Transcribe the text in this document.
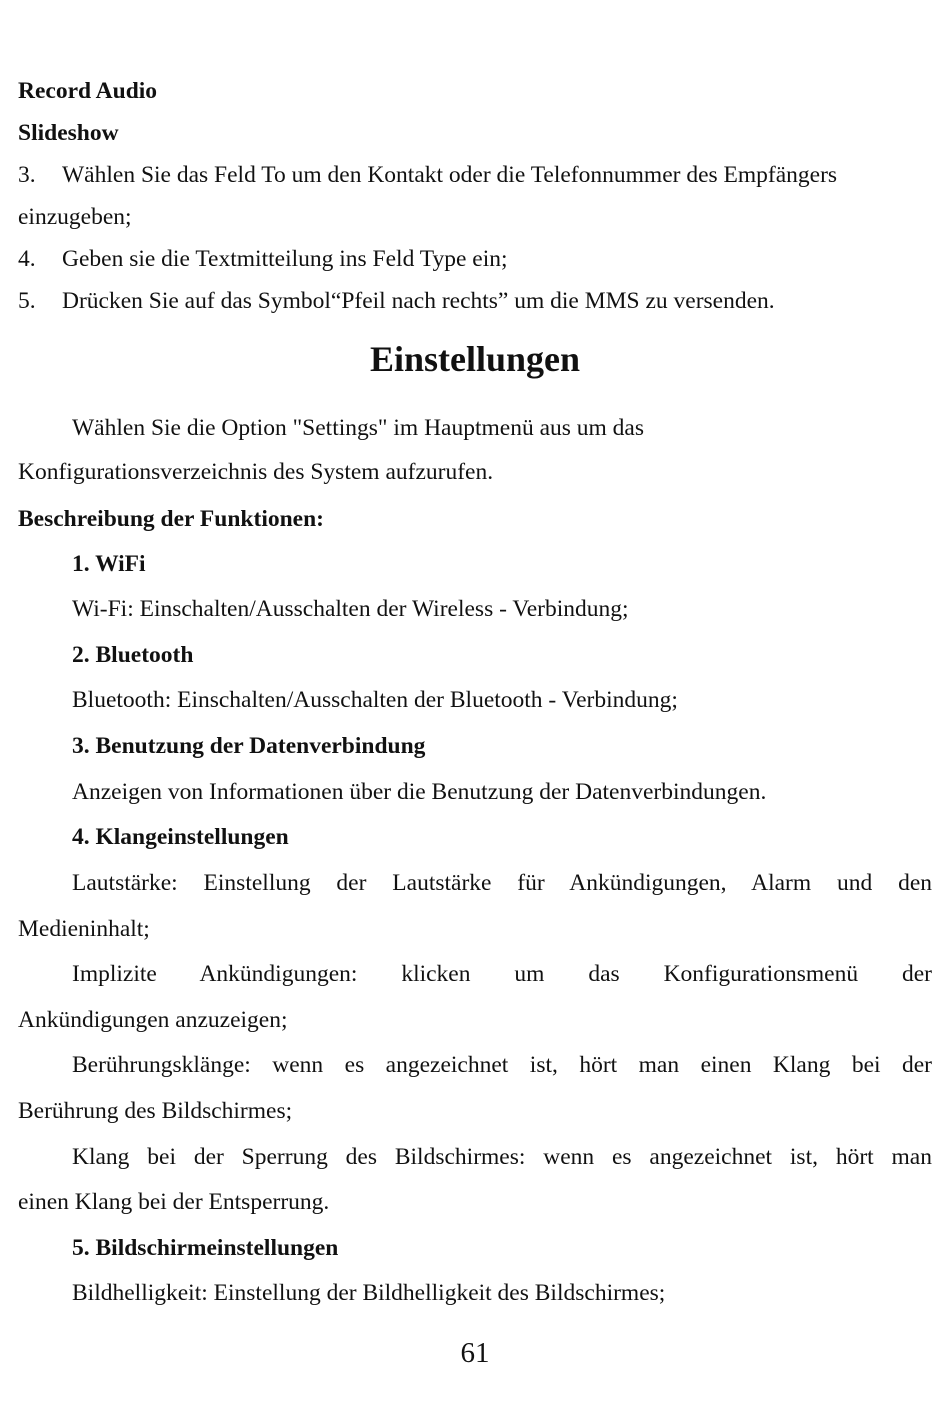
Record Audio
Slideshow
3. Wählen Sie das Feld To um den Kontakt oder die Telefonnummer des Empfängers
einzugeben;
4. Geben sie die Textmitteilung ins Feld Type ein;
5. Drücken Sie auf das Symbol“Pfeil nach rechts” um die MMS zu versenden.
Einstellungen
Wählen Sie die Option "Settings" im Hauptmenü aus um das
Konfigurationsverzeichnis des System aufzurufen.
Beschreibung der Funktionen:
1. WiFi
Wi-Fi: Einschalten/Ausschalten der Wireless - Verbindung;
2. Bluetooth
Bluetooth: Einschalten/Ausschalten der Bluetooth - Verbindung;
3. Benutzung der Datenverbindung
Anzeigen von Informationen über die Benutzung der Datenverbindungen.
4. Klangeinstellungen
Lautstärke: Einstellung der Lautstärke für Ankündigungen, Alarm und den
Medieninhalt;
Implizite Ankündigungen: klicken um das Konfigurationsmenü der
Ankündigungen anzuzeigen;
Berührungsklänge: wenn es angezeichnet ist, hört man einen Klang bei der
Berührung des Bildschirmes;
Klang bei der Sperrung des Bildschirmes: wenn es angezeichnet ist, hört man
einen Klang bei der Entsperrung.
5. Bildschirmeinstellungen
Bildhelligkeit: Einstellung der Bildhelligkeit des Bildschirmes;
61
